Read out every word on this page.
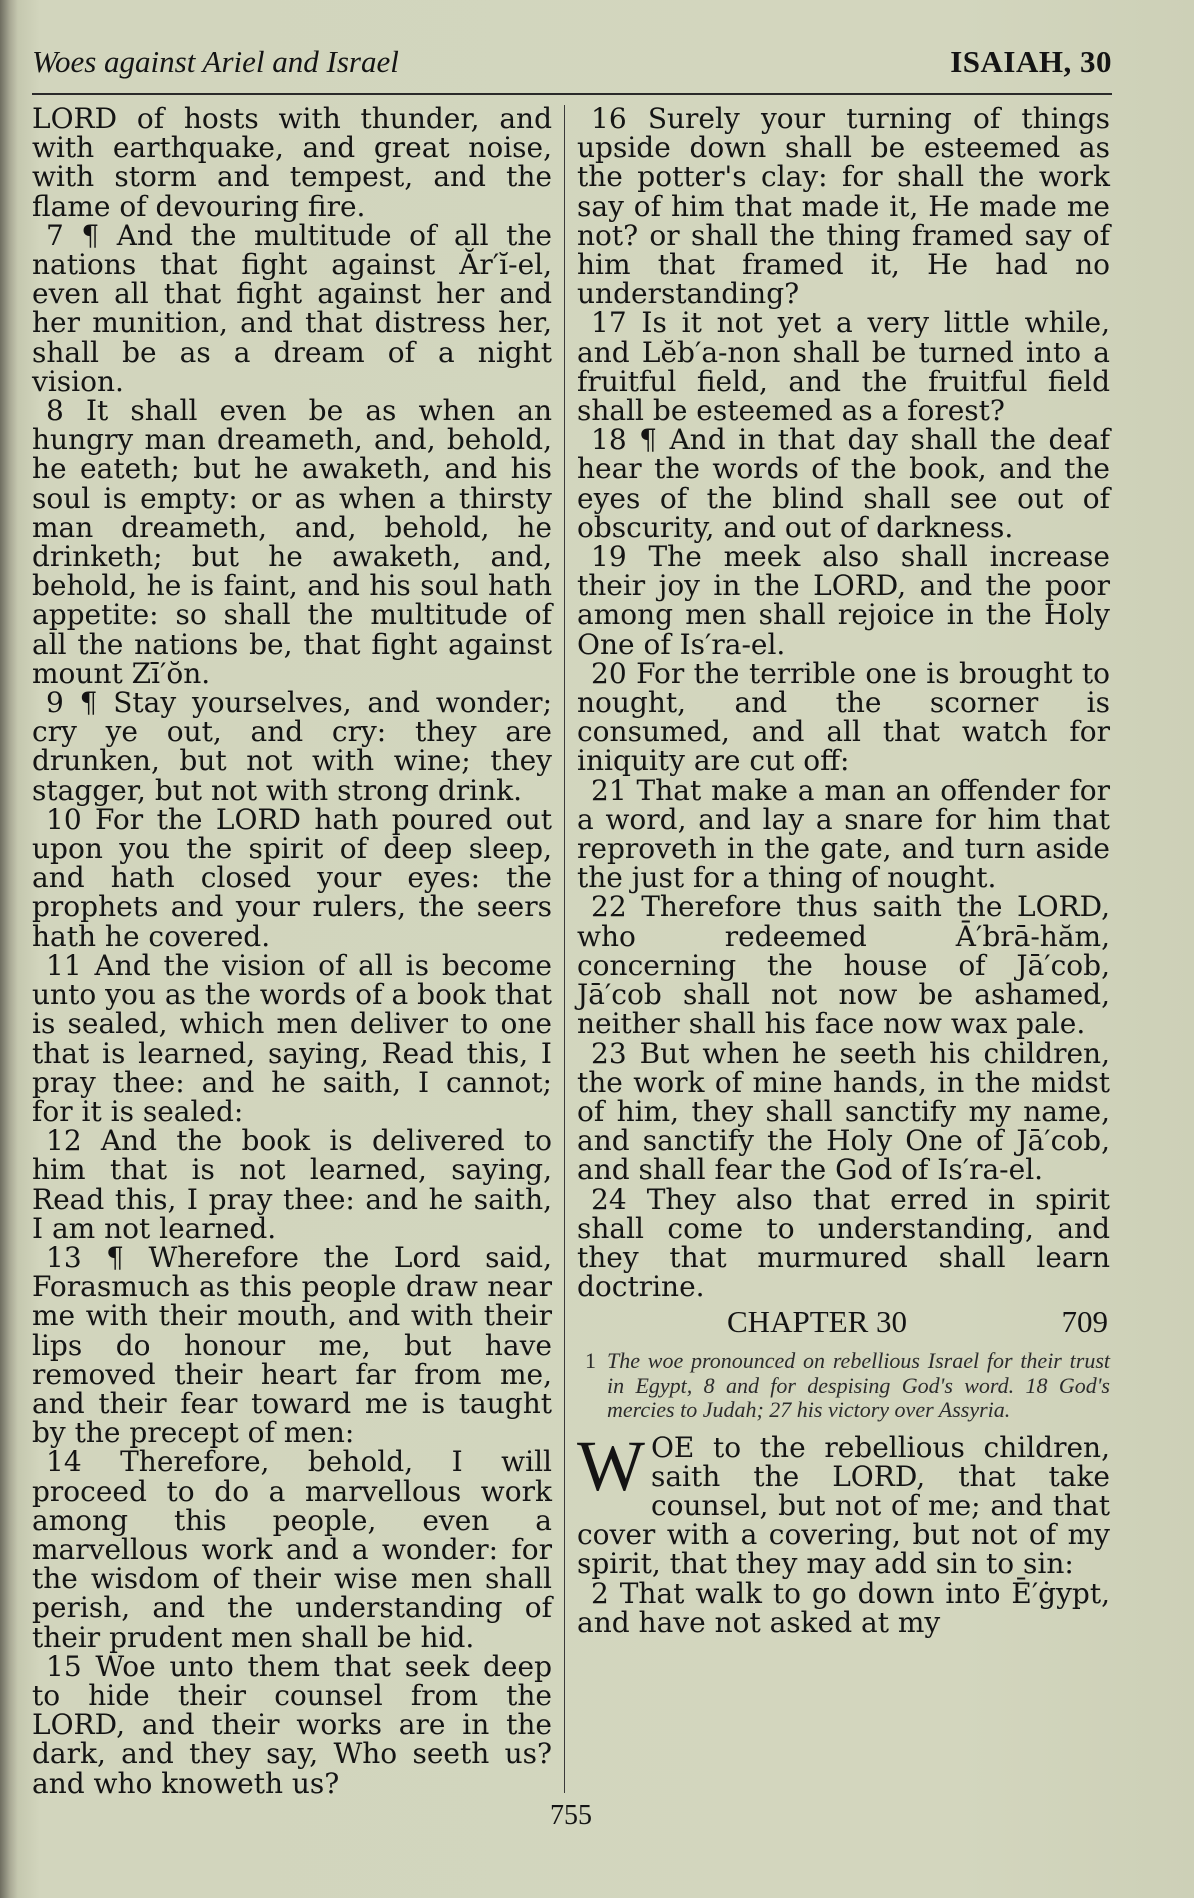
Woes against Ariel and Israel	ISAIAH, 30

LORD of hosts with thunder, and with earthquake, and great noise, with storm and tempest, and the flame of devouring fire.

7 ¶ And the multitude of all the nations that fight against Ăr′ĭ-el, even all that fight against her and her munition, and that distress her, shall be as a dream of a night vision.

8 It shall even be as when an hungry man dreameth, and, behold, he eateth; but he awaketh, and his soul is empty: or as when a thirsty man dreameth, and, behold, he drinketh; but he awaketh, and, behold, he is faint, and his soul hath appetite: so shall the multitude of all the nations be, that fight against mount Zī′ŏn.

9 ¶ Stay yourselves, and wonder; cry ye out, and cry: they are drunken, but not with wine; they stagger, but not with strong drink.

10 For the LORD hath poured out upon you the spirit of deep sleep, and hath closed your eyes: the prophets and your rulers, the seers hath he covered.

11 And the vision of all is become unto you as the words of a book that is sealed, which men deliver to one that is learned, saying, Read this, I pray thee: and he saith, I cannot; for it is sealed:

12 And the book is delivered to him that is not learned, saying, Read this, I pray thee: and he saith, I am not learned.

13 ¶ Wherefore the Lord said, Forasmuch as this people draw near me with their mouth, and with their lips do honour me, but have removed their heart far from me, and their fear toward me is taught by the precept of men:

14 Therefore, behold, I will proceed to do a marvellous work among this people, even a marvellous work and a wonder: for the wisdom of their wise men shall perish, and the understanding of their prudent men shall be hid.

15 Woe unto them that seek deep to hide their counsel from the LORD, and their works are in the dark, and they say, Who seeth us? and who knoweth us?

16 Surely your turning of things upside down shall be esteemed as the potter's clay: for shall the work say of him that made it, He made me not? or shall the thing framed say of him that framed it, He had no understanding?

17 Is it not yet a very little while, and Lĕb′a-non shall be turned into a fruitful field, and the fruitful field shall be esteemed as a forest?

18 ¶ And in that day shall the deaf hear the words of the book, and the eyes of the blind shall see out of obscurity, and out of darkness.

19 The meek also shall increase their joy in the LORD, and the poor among men shall rejoice in the Holy One of Is′ra-el.

20 For the terrible one is brought to nought, and the scorner is consumed, and all that watch for iniquity are cut off:

21 That make a man an offender for a word, and lay a snare for him that reproveth in the gate, and turn aside the just for a thing of nought.

22 Therefore thus saith the LORD, who redeemed Ā′brā-hăm, concerning the house of Jā′cob, Jā′cob shall not now be ashamed, neither shall his face now wax pale.

23 But when he seeth his children, the work of mine hands, in the midst of him, they shall sanctify my name, and sanctify the Holy One of Jā′cob, and shall fear the God of Is′ra-el.

24 They also that erred in spirit shall come to understanding, and they that murmured shall learn doctrine.

CHAPTER 30	709
1 The woe pronounced on rebellious Israel for their trust in Egypt, 8 and for despising God's word. 18 God's mercies to Judah; 27 his victory over Assyria.

WOE to the rebellious children, saith the LORD, that take counsel, but not of me; and that cover with a covering, but not of my spirit, that they may add sin to sin:

2 That walk to go down into Ē′ġypt, and have not asked at my

755
